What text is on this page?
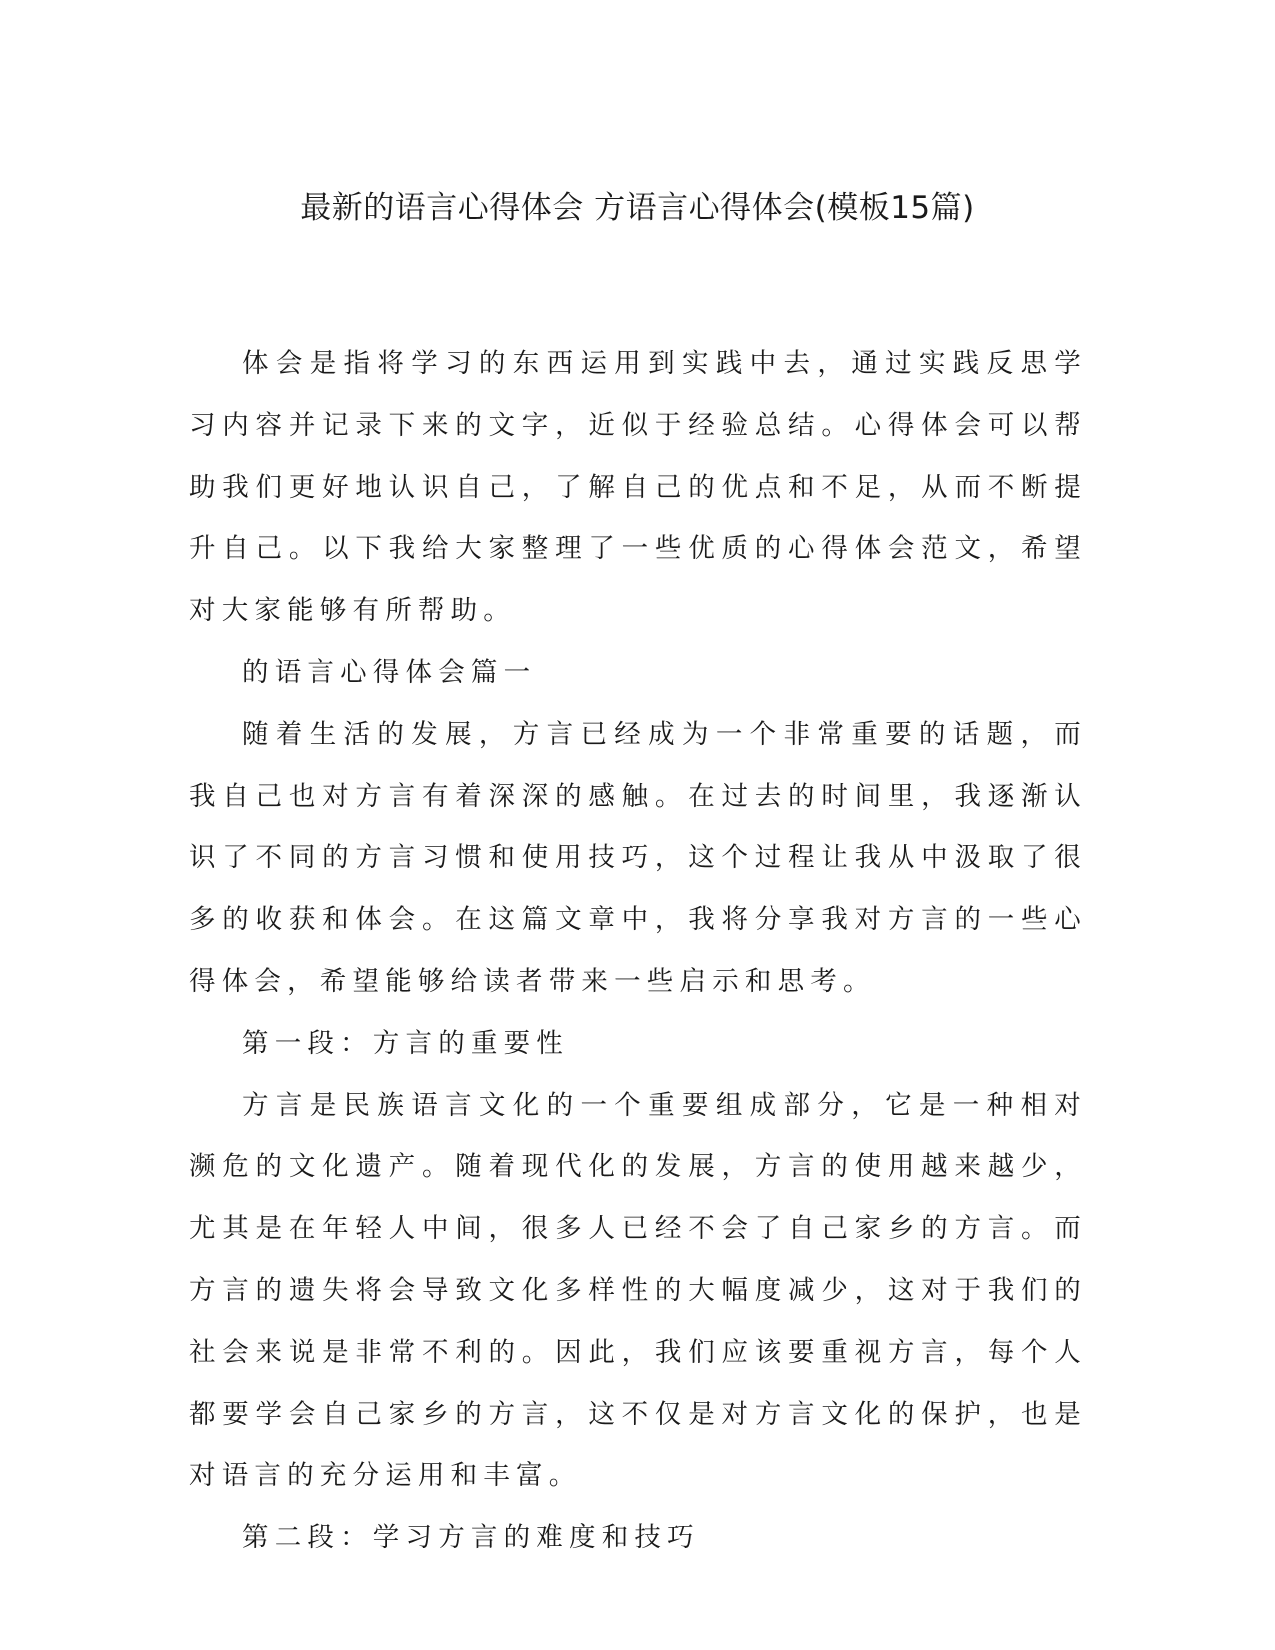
最新的语言心得体会 方语言心得体会(模板15篇)

体会是指将学习的东西运用到实践中去，通过实践反思学习内容并记录下来的文字，近似于经验总结。心得体会可以帮助我们更好地认识自己，了解自己的优点和不足，从而不断提升自己。以下我给大家整理了一些优质的心得体会范文，希望对大家能够有所帮助。

的语言心得体会篇一

随着生活的发展，方言已经成为一个非常重要的话题，而我自己也对方言有着深深的感触。在过去的时间里，我逐渐认识了不同的方言习惯和使用技巧，这个过程让我从中汲取了很多的收获和体会。在这篇文章中，我将分享我对方言的一些心得体会，希望能够给读者带来一些启示和思考。

第一段：方言的重要性

方言是民族语言文化的一个重要组成部分，它是一种相对濒危的文化遗产。随着现代化的发展，方言的使用越来越少，尤其是在年轻人中间，很多人已经不会了自己家乡的方言。而方言的遗失将会导致文化多样性的大幅度减少，这对于我们的社会来说是非常不利的。因此，我们应该要重视方言，每个人都要学会自己家乡的方言，这不仅是对方言文化的保护，也是对语言的充分运用和丰富。

第二段：学习方言的难度和技巧
